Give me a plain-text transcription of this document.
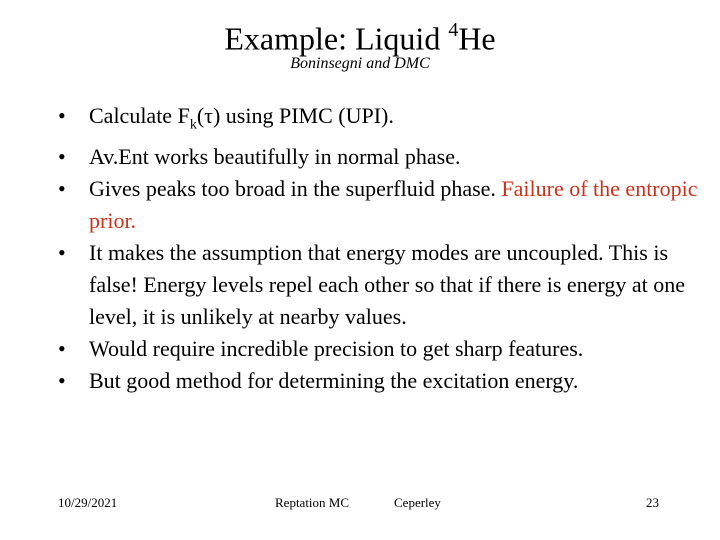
Example: Liquid $^4$He
Boninsegni and DMC
• Calculate $F_k(\tau)$ using PIMC (UPI).
• Av.Ent works beautifully in normal phase.
• Gives peaks too broad in the superfluid phase. Failure of the entropic prior.
• It makes the assumption that energy modes are uncoupled. This is false! Energy levels repel each other so that if there is energy at one level, it is unlikely at nearby values.
• Would require incredible precision to get sharp features.
• But good method for determining the excitation energy.
10/29/2021	Reptation MC	Ceperley	23
